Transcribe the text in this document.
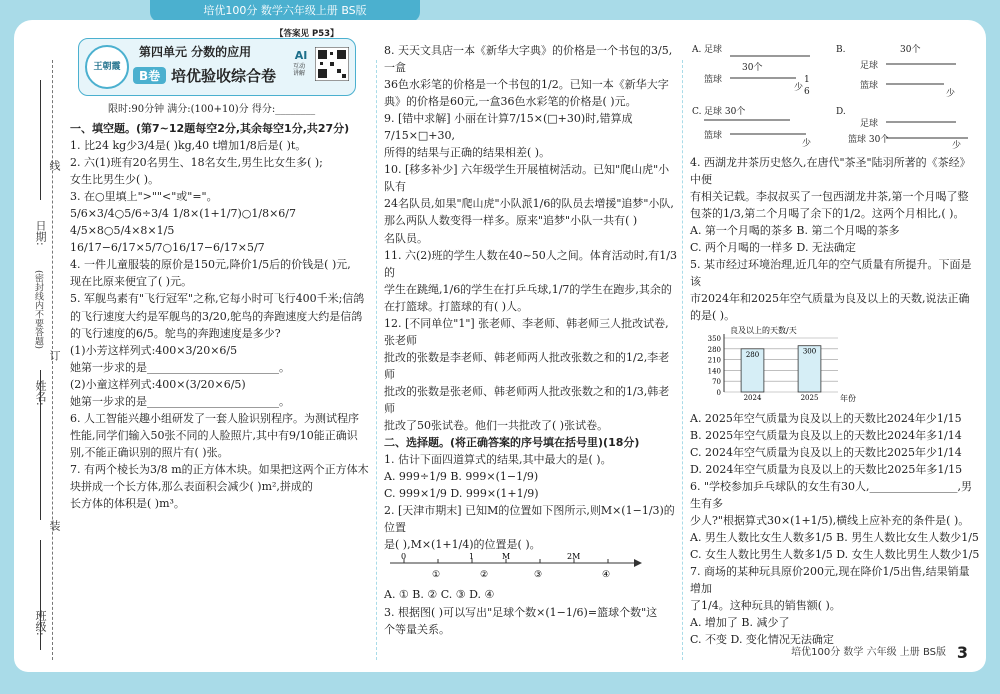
培优100分 数学六年级上册 BS版
日期:
线
(密封线内不要答题)
订
姓名:
装
班级:
王朝霞
第四单元 分数的应用
B卷 培优验收综合卷
【答案见 P53】
AI
互动讲解
限时:90分钟 满分:(100+10)分 得分:________

一、填空题。(第7~12题每空2分,其余每空1分,共27分)

1. 比24 kg少3/4是( )kg,40 t增加1/8后是( )t。

2. 六(1)班有20名男生、18名女生,男生比女生多( );

女生比男生少( )。

3. 在○里填上">""<"或"="。

5/6×3/4○5/6÷3/4 1/8×(1+1/7)○1/8×6/7

4/5×8○5/4×8×1/5 16/17−6/17×5/7○16/17−6/17×5/7

4. 一件儿童服装的原价是150元,降价1/5后的价钱是( )元,

现在比原来便宜了( )元。

5. 军舰鸟素有"飞行冠军"之称,它每小时可飞行400千米;信鸽

的飞行速度大约是军舰鸟的3/20,鸵鸟的奔跑速度大约是信鸽

的飞行速度的6/5。鸵鸟的奔跑速度是多少?

(1)小芳这样列式:400×3/20×6/5

她第一步求的是________________________。

(2)小童这样列式:400×(3/20×6/5)

她第一步求的是________________________。

6. 人工智能兴趣小组研发了一套人脸识别程序。为测试程序

性能,同学们输入50张不同的人脸照片,其中有9/10能正确识

别,不能正确识别的照片有( )张。

7. 有两个棱长为3/8 m的正方体木块。如果把这两个正方体木

块拼成一个长方体,那么表面积会减少( )m²,拼成的

长方体的体积是( )m³。

8. 天天文具店一本《新华大字典》的价格是一个书包的3/5,一盒

36色水彩笔的价格是一个书包的1/2。已知一本《新华大字

典》的价格是60元,一盒36色水彩笔的价格是( )元。

9. [错中求解] 小丽在计算7/15×(□+30)时,错算成7/15×□+30,

所得的结果与正确的结果相差( )。

10. [移多补少] 六年级学生开展植树活动。已知"爬山虎"小队有

24名队员,如果"爬山虎"小队派1/6的队员去增援"追梦"小队,

那么两队人数变得一样多。原来"追梦"小队一共有( )

名队员。

11. 六(2)班的学生人数在40~50人之间。体育活动时,有1/3的

学生在跳绳,1/6的学生在打乒乓球,1/7的学生在跑步,其余的

在打篮球。打篮球的有( )人。

12. [不同单位"1"] 张老师、李老师、韩老师三人批改试卷,张老师

批改的张数是李老师、韩老师两人批改张数之和的1/2,李老师

批改的张数是张老师、韩老师两人批改张数之和的1/3,韩老师

批改了50张试卷。他们一共批改了( )张试卷。

二、选择题。(将正确答案的序号填在括号里)(18分)

1. 估计下面四道算式的结果,其中最大的是( )。

A. 999÷1/9 B. 999×(1−1/9)

C. 999×1/9 D. 999×(1+1/9)

2. [天津市期末] 已知M的位置如下图所示,则M×(1−1/3)的位置

是( ),M×(1+1/4)的位置是( )。

0	1	M	2M
①	②	③	④

A. ① B. ② C. ③ D. ④

3. 根据图( )可以写出"足球个数×(1−1/6)=篮球个数"这

个等量关系。

A. 足球
30个
篮球
少
1
6
B.
足球
30个
篮球
少
C. 足球 30个
篮球
少
D.
足球
篮球 30个
少

4. 西湖龙井茶历史悠久,在唐代"茶圣"陆羽所著的《茶经》中便

有相关记载。李叔叔买了一包西湖龙井茶,第一个月喝了整

包茶的1/3,第二个月喝了余下的1/2。这两个月相比,( )。

A. 第一个月喝的茶多 B. 第二个月喝的茶多

C. 两个月喝的一样多 D. 无法确定

5. 某市经过环境治理,近几年的空气质量有所提升。下面是该

市2024年和2025年空气质量为良及以上的天数,说法正确

的是( )。

良及以上的天数/天
0
70
140
210
280
350
280
2024
300
2025	年份

A. 2025年空气质量为良及以上的天数比2024年少1/15

B. 2025年空气质量为良及以上的天数比2024年多1/14

C. 2024年空气质量为良及以上的天数比2025年少1/14

D. 2024年空气质量为良及以上的天数比2025年多1/15

6. "学校参加乒乓球队的女生有30人,________________,男生有多

少人?"根据算式30×(1+1/5),横线上应补充的条件是( )。

A. 男生人数比女生人数多1/5 B. 男生人数比女生人数少1/5

C. 女生人数比男生人数多1/5 D. 女生人数比男生人数少1/5

7. 商场的某种玩具原价200元,现在降价1/5出售,结果销量增加

了1/4。这种玩具的销售额( )。

A. 增加了 B. 减少了

C. 不变 D. 变化情况无法确定

培优100分 数学 六年级 上册 BS版 3
